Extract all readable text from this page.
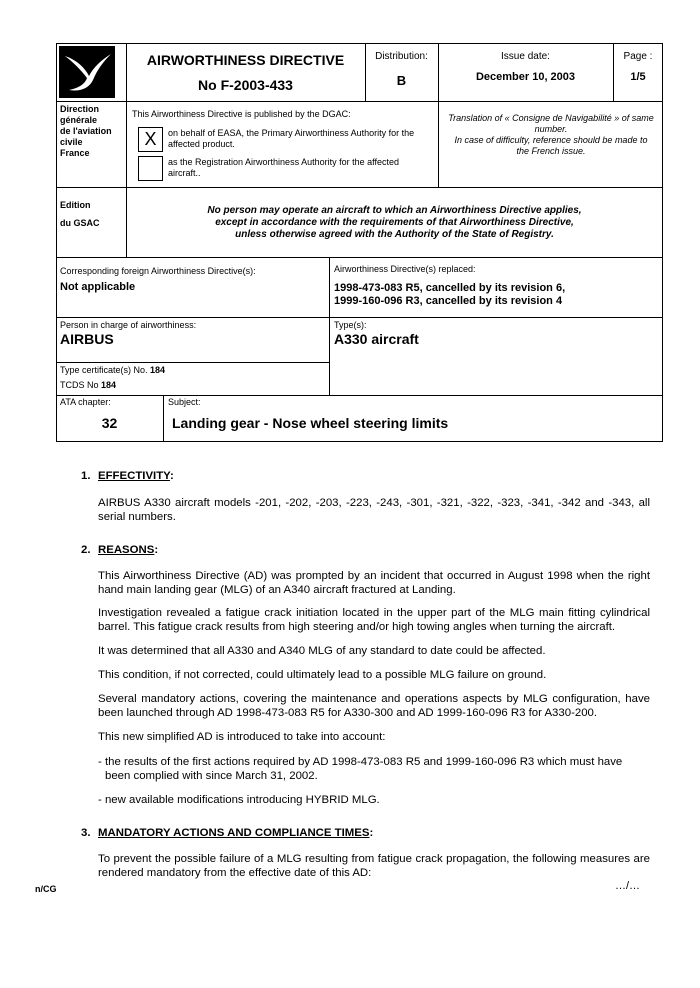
AIRWORTHINESS DIRECTIVE
No F-2003-433
Distribution:
B
Issue date:
December 10, 2003
Page :
1/5
Direction
générale
de l'aviation
civile
France
Edition
du GSAC
This Airworthiness Directive is published by the DGAC:
X	on behalf of EASA, the Primary Airworthiness Authority for the
affected product.
as the Registration Airworthiness Authority for the affected
aircraft..
Translation of « Consigne de Navigabilité » of same
number.
In case of difficulty, reference should be made to
the French issue.
No person may operate an aircraft to which an Airworthiness Directive applies,
except in accordance with the requirements of that Airworthiness Directive,
unless otherwise agreed with the Authority of the State of Registry.
Corresponding foreign Airworthiness Directive(s):
Not applicable
Airworthiness Directive(s) replaced:
1998-473-083 R5, cancelled by its revision 6,
1999-160-096 R3, cancelled by its revision 4
Person in charge of airworthiness:
AIRBUS
Type(s):
A330 aircraft
Type certificate(s) No. 184
TCDS No 184
ATA chapter:
32
Subject:
Landing gear - Nose wheel steering limits
1. EFFECTIVITY:
AIRBUS A330 aircraft models -201, -202, -203, -223, -243, -301, -321, -322, -323, -341, -342 and -343, all serial numbers.
2. REASONS:
This Airworthiness Directive (AD) was prompted by an incident that occurred in August 1998 when the right hand main landing gear (MLG) of an A340 aircraft fractured at Landing.
Investigation revealed a fatigue crack initiation located in the upper part of the MLG main fitting cylindrical barrel. This fatigue crack results from high steering and/or high towing angles when turning the aircraft.
It was determined that all A330 and A340 MLG of any standard to date could be affected.
This condition, if not corrected, could ultimately lead to a possible MLG failure on ground.
Several mandatory actions, covering the maintenance and operations aspects by MLG configuration, have been launched through AD 1998-473-083 R5 for A330-300 and AD 1999-160-096 R3 for A330-200.
This new simplified AD is introduced to take into account:
- the results of the first actions required by AD 1998-473-083 R5 and 1999-160-096 R3 which must have
been complied with since March 31, 2002.
- new available modifications introducing HYBRID MLG.
3. MANDATORY ACTIONS AND COMPLIANCE TIMES:
To prevent the possible failure of a MLG resulting from fatigue crack propagation, the following measures are rendered mandatory from the effective date of this AD:
n/CG	…/…
